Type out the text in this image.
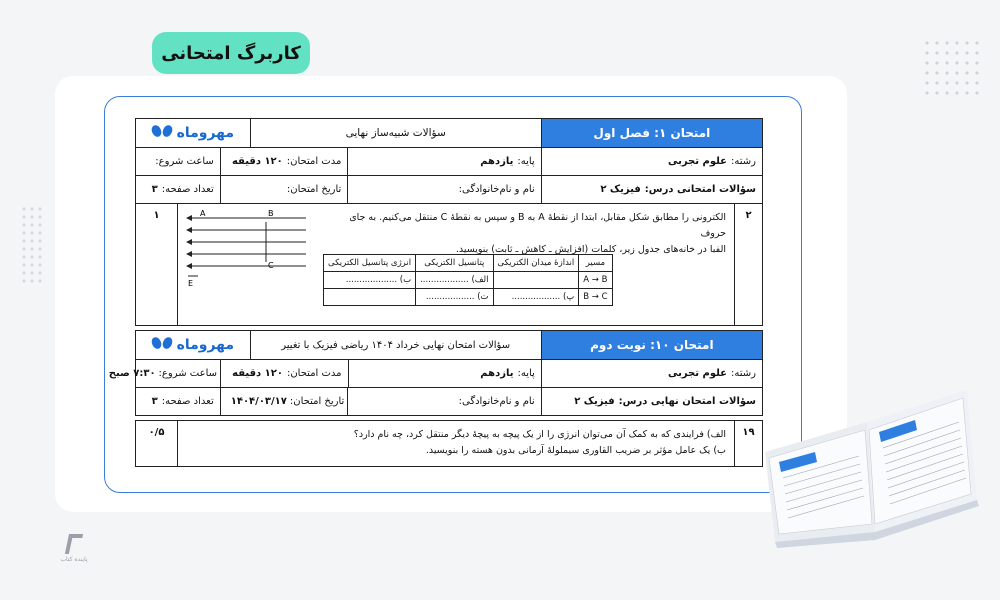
کاربرگ امتحانی
امتحان ۱: فصل اول
سؤالات شبیه‌ساز نهایی
مهروماه
رشته:
علوم تجربی
پایه:
یازدهم
مدت امتحان:
۱۲۰ دقیقه
ساعت شروع:
سؤالات امتحانی درس:
فیزیک ۲
نام و نام‌خانوادگی:
تاریخ امتحان:
تعداد صفحه:
۳
۲
۱	الکترونی را مطابق شکل مقابل، ابتدا از نقطهٔ A به B و سپس به نقطهٔ C منتقل می‌کنیم. به جای حروف
الفبا در خانه‌های جدول زیر، کلمات (افزایش ـ کاهش ـ ثابت) بنویسید.
A	B
C
E
مسیر	اندازهٔ میدان الکتریکی	پتانسیل الکتریکی	انرژی پتانسیل الکتریکی
A → B		الف) ..................	ب) ...................
B → C	پ) ..................	ت) ..................	
امتحان ۱۰: نوبت دوم
سؤالات امتحان نهایی خرداد ۱۴۰۴ ریاضی فیزیک با تغییر
مهروماه
رشته:
علوم تجربی
پایه:
یازدهم
مدت امتحان:
۱۲۰ دقیقه
ساعت شروع:
۷:۳۰ صبح
سؤالات امتحان نهایی درس:
فیزیک ۲
نام و نام‌خانوادگی:
تاریخ امتحان:
۱۴۰۴/۰۳/۱۷
تعداد صفحه:
۳
۱۹
۰/۵	الف) فرایندی که به کمک آن می‌توان انرژی را از یک پیچه به پیچهٔ دیگر منتقل کرد، چه نام دارد؟
ب) یک عامل مؤثر بر ضریب القاوری سیملولهٔ آرمانی بدون هسته را بنویسید.
پاینده کتاب
